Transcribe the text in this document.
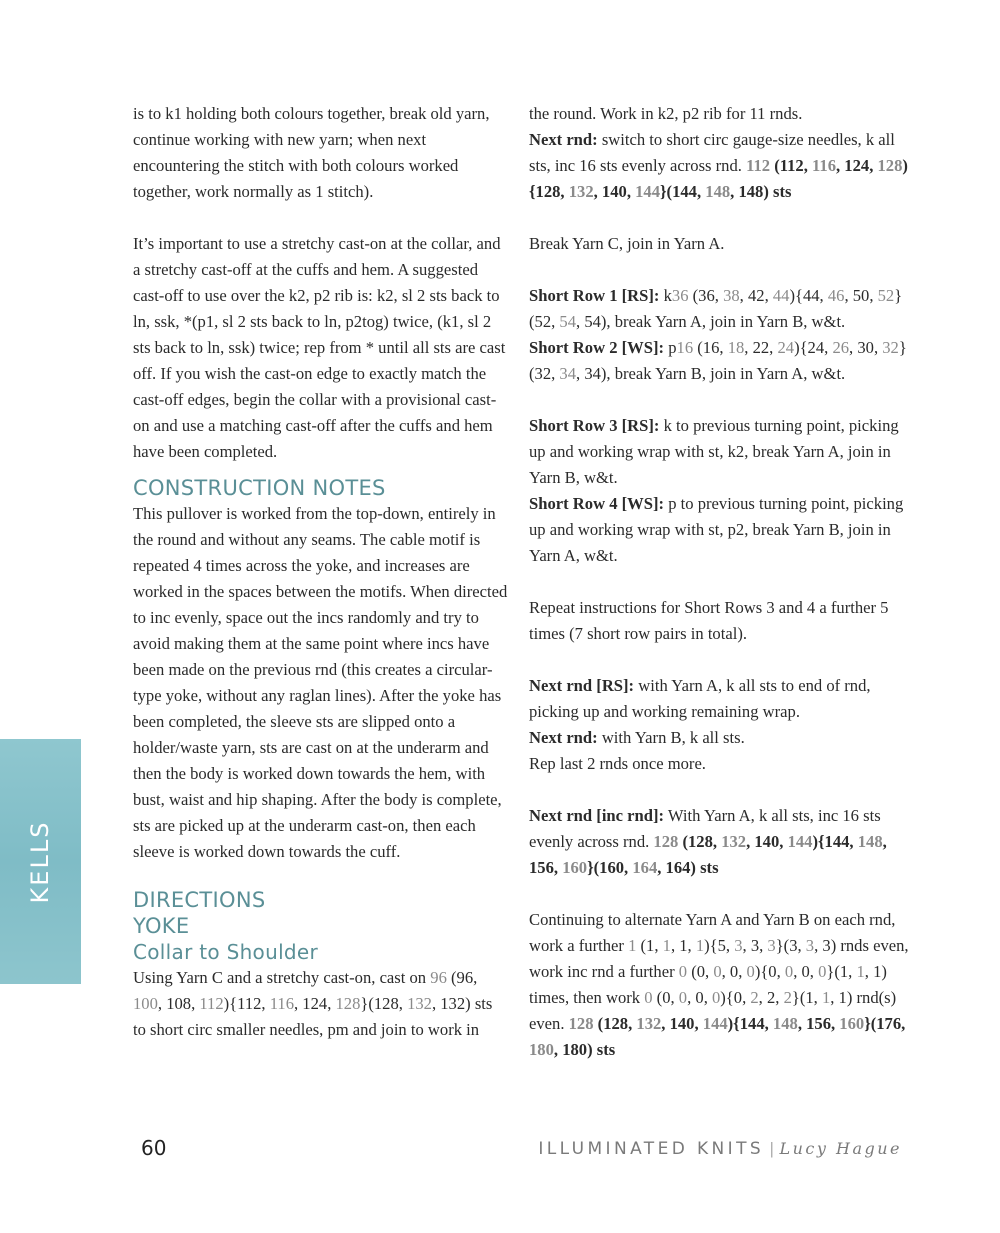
KELLS

is to k1 holding both colours together, break old yarn, continue working with new yarn; when next encountering the stitch with both colours worked together, work normally as 1 stitch).

It’s important to use a stretchy cast-on at the collar, and a stretchy cast-off at the cuffs and hem. A suggested cast-off to use over the k2, p2 rib is: k2, sl 2 sts back to ln, ssk, *(p1, sl 2 sts back to ln, p2tog) twice, (k1, sl 2 sts back to ln, ssk) twice; rep from * until all sts are cast off. If you wish the cast-on edge to exactly match the cast-off edges, begin the collar with a provisional cast-on and use a matching cast-off after the cuffs and hem have been completed.

CONSTRUCTION NOTES

This pullover is worked from the top-down, entirely in the round and without any seams. The cable motif is repeated 4 times across the yoke, and increases are worked in the spaces between the motifs. When directed to inc evenly, space out the incs randomly and try to avoid making them at the same point where incs have been made on the previous rnd (this creates a circular-type yoke, without any raglan lines). After the yoke has been completed, the sleeve sts are slipped onto a holder/waste yarn, sts are cast on at the underarm and then the body is worked down towards the hem, with bust, waist and hip shaping. After the body is complete, sts are picked up at the underarm cast-on, then each sleeve is worked down towards the cuff.

DIRECTIONS
YOKE
Collar to Shoulder

Using Yarn C and a stretchy cast-on, cast on 96 (96, 100, 108, 112){112, 116, 124, 128}(128, 132, 132) sts to short circ smaller needles, pm and join to work in

the round. Work in k2, p2 rib for 11 rnds.

Next rnd: switch to short circ gauge-size needles, k all sts, inc 16 sts evenly across rnd. 112 (112, 116, 124, 128){128, 132, 140, 144}(144, 148, 148) sts

Break Yarn C, join in Yarn A.

Short Row 1 [RS]: k36 (36, 38, 42, 44){44, 46, 50, 52}(52, 54, 54), break Yarn A, join in Yarn B, w&t.

Short Row 2 [WS]: p16 (16, 18, 22, 24){24, 26, 30, 32}(32, 34, 34), break Yarn B, join in Yarn A, w&t.

Short Row 3 [RS]: k to previous turning point, picking up and working wrap with st, k2, break Yarn A, join in Yarn B, w&t.

Short Row 4 [WS]: p to previous turning point, picking up and working wrap with st, p2, break Yarn B, join in Yarn A, w&t.

Repeat instructions for Short Rows 3 and 4 a further 5 times (7 short row pairs in total).

Next rnd [RS]: with Yarn A, k all sts to end of rnd, picking up and working remaining wrap.

Next rnd: with Yarn B, k all sts.

Rep last 2 rnds once more.

Next rnd [inc rnd]: With Yarn A, k all sts, inc 16 sts evenly across rnd. 128 (128, 132, 140, 144){144, 148, 156, 160}(160, 164, 164) sts

Continuing to alternate Yarn A and Yarn B on each rnd, work a further 1 (1, 1, 1, 1){5, 3, 3, 3}(3, 3, 3) rnds even, work inc rnd a further 0 (0, 0, 0, 0){0, 0, 0, 0}(1, 1, 1) times, then work 0 (0, 0, 0, 0){0, 2, 2, 2}(1, 1, 1) rnd(s) even. 128 (128, 132, 140, 144){144, 148, 156, 160}(176, 180, 180) sts

60	ILLUMINATED KNITS | Lucy Hague
